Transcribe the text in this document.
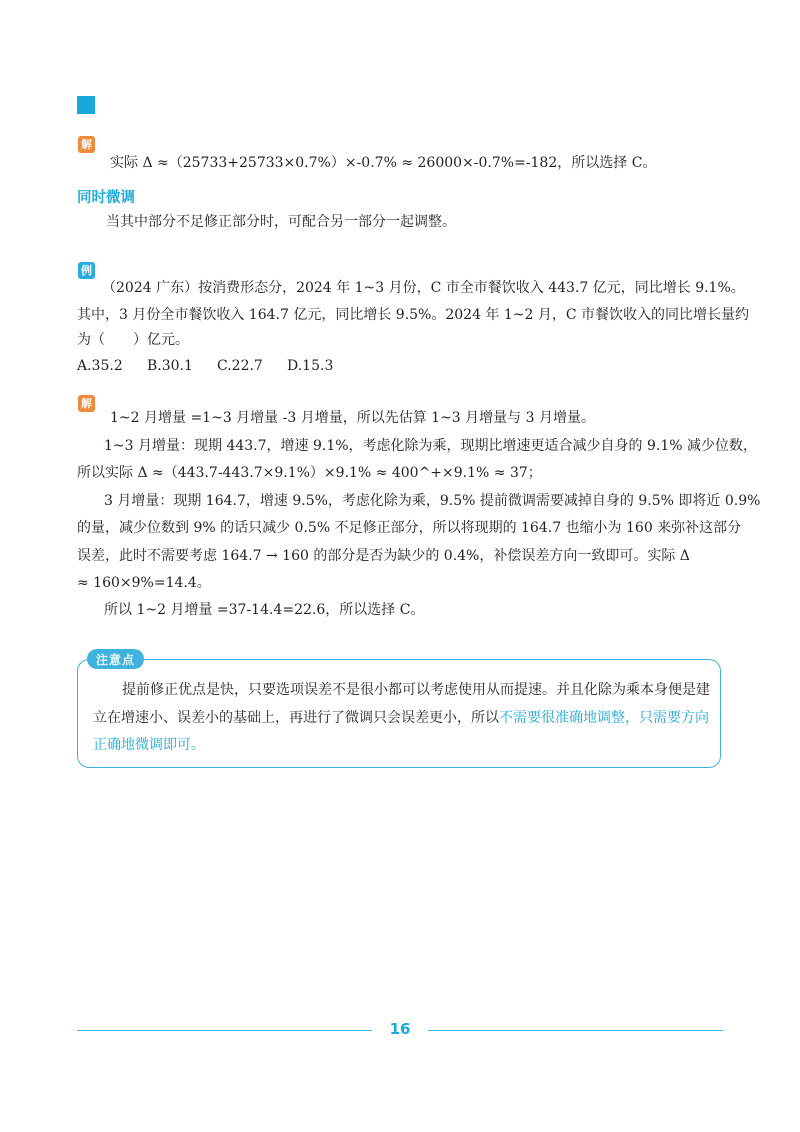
解
实际 Δ ≈（25733+25733×0.7%）×-0.7% ≈ 26000×-0.7%=-182，所以选择 C。
同时微调
当其中部分不足修正部分时，可配合另一部分一起调整。
例
（2024 广东）按消费形态分，2024 年 1~3 月份，C 市全市餐饮收入 443.7 亿元，同比增长 9.1%。
其中，3 月份全市餐饮收入 164.7 亿元，同比增长 9.5%。2024 年 1~2 月，C 市餐饮收入的同比增长量约
为（　　）亿元。
A.35.2 B.30.1 C.22.7 D.15.3
解
1~2 月增量 =1~3 月增量 -3 月增量，所以先估算 1~3 月增量与 3 月增量。
1~3 月增量：现期 443.7，增速 9.1%，考虑化除为乘，现期比增速更适合减少自身的 9.1% 减少位数，
所以实际 Δ ≈（443.7-443.7×9.1%）×9.1% ≈ 400^+×9.1% ≈ 37；
3 月增量：现期 164.7，增速 9.5%，考虑化除为乘，9.5% 提前微调需要减掉自身的 9.5% 即将近 0.9%
的量，减少位数到 9% 的话只减少 0.5% 不足修正部分，所以将现期的 164.7 也缩小为 160 来弥补这部分
误差，此时不需要考虑 164.7 → 160 的部分是否为缺少的 0.4%，补偿误差方向一致即可。实际 Δ
≈ 160×9%=14.4。
所以 1~2 月增量 =37-14.4=22.6，所以选择 C。
注意点
提前修正优点是快，只要选项误差不是很小都可以考虑使用从而提速。并且化除为乘本身便是建
立在增速小、误差小的基础上，再进行了微调只会误差更小，所以不需要很准确地调整，只需要方向
正确地微调即可。
16
